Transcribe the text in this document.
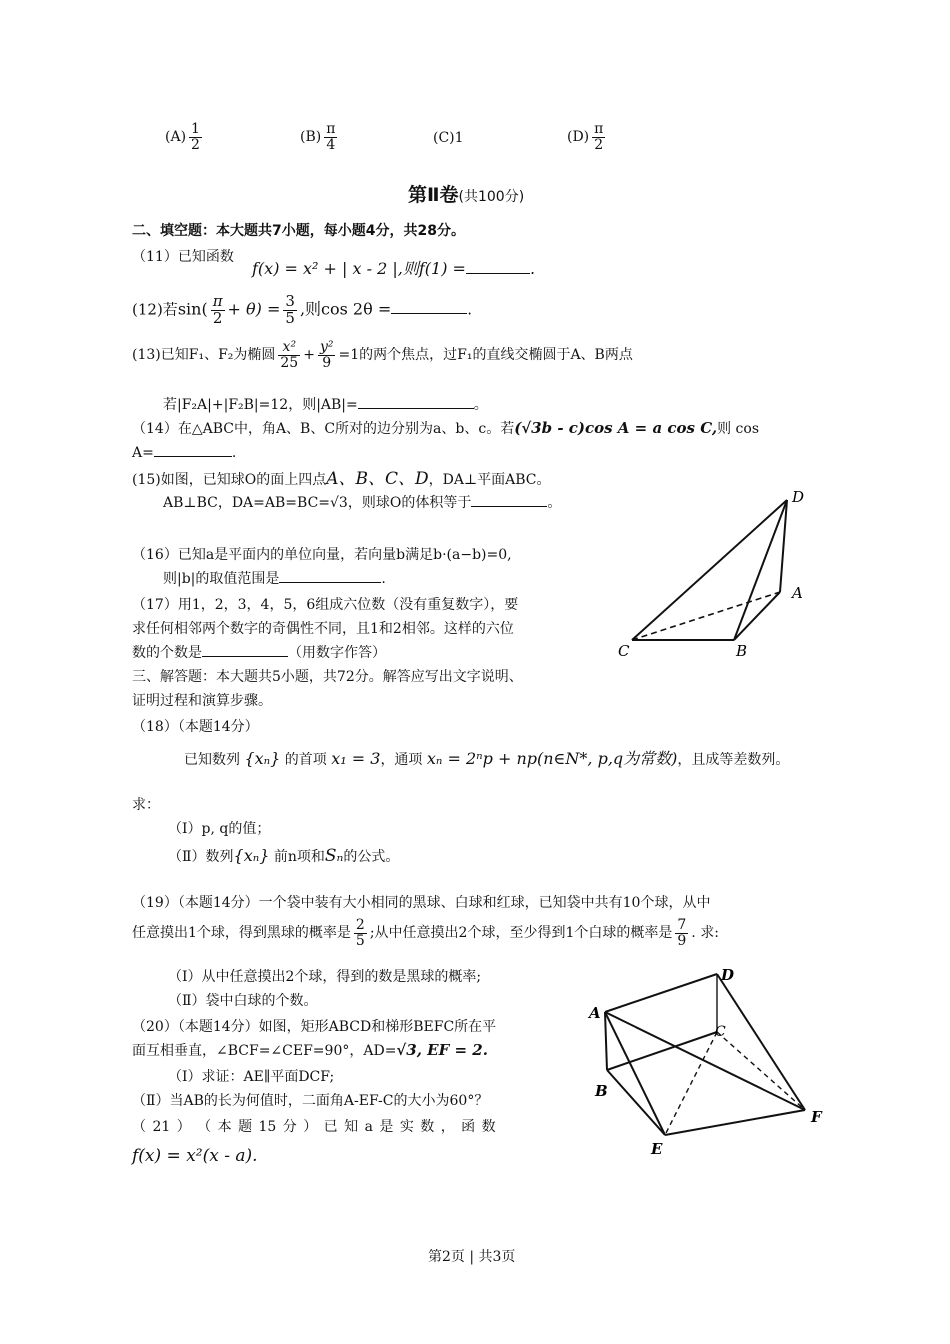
$(A) \frac{1}{2}$	$(B) \frac{\pi}{4}$	(C)1	$(D) \frac{\pi}{2}$
第Ⅱ卷(共100分)
二、填空题：本大题共7小题，每小题4分，共28分。
（11）已知函数
f(x) = x² + | x - 2 |,则f(1) =	.
(12)若$\sin( \frac{\pi}{2} + \theta) = \frac{3}{5}$ ,则cos 2θ =	.
(13)已知F₁、F₂为椭圆 $\frac{\text{x²}}{25} + \frac{\text{y²}}{9} =1$的两个焦点，过F₁的直线交椭圆于A、B两点
若|F₂A|+|F₂B|=12，则|AB|=	。
（14）在△ABC中，角A、B、C所对的边分别为a、b、c。若(√3b - c)cos A = a cos C,则 cos
A=	.
(15)如图，已知球O的面上四点A、B、C、D，DA⊥平面ABC。
AB⊥BC，DA=AB=BC=√3，则球O的体积等于	。	D
A
B
C
（16）已知a是平面内的单位向量，若向量b满足b·(a−b)=0,
则|b|的取值范围是	.
（17）用1，2，3，4，5，6组成六位数（没有重复数字），要
求任何相邻两个数字的奇偶性不同，且1和2相邻。这样的六位
数的个数是	（用数字作答）
三、解答题：本大题共5小题，共72分。解答应写出文字说明、
证明过程和演算步骤。
（18）（本题14分）
已知数列 {xₙ} 的首项 x₁ = 3，通项 xₙ = 2ⁿp + np(n∈N*, p,q为常数)，且成等差数列。
求：
（Ⅰ）p, q的值；
（Ⅱ）数列{xₙ} 前n项和Sₙ的公式。
（19）（本题14分）一个袋中装有大小相同的黑球、白球和红球，已知袋中共有10个球，从中
任意摸出1个球，得到黑球的概率是 $\frac{2}{5}$ ;从中任意摸出2个球，至少得到1个白球的概率是 $\frac{7}{9}$ . 求:
（Ⅰ）从中任意摸出2个球，得到的数是黑球的概率;
（Ⅱ）袋中白球的个数。
（20）（本题14分）如图，矩形ABCD和梯形BEFC所在平
面互相垂直，∠BCF=∠CEF=90°，AD=√3, EF = 2.
（Ⅰ）求证：AE∥平面DCF;
（Ⅱ）当AB的长为何值时，二面角A-EF-C的大小为60°？
A
B
C
D
E
F
（ 21 ） （ 本 题 15 分 ） 已 知 a 是 实 数 ， 函 数
f(x) = x²(x - a).
第2页 | 共3页
